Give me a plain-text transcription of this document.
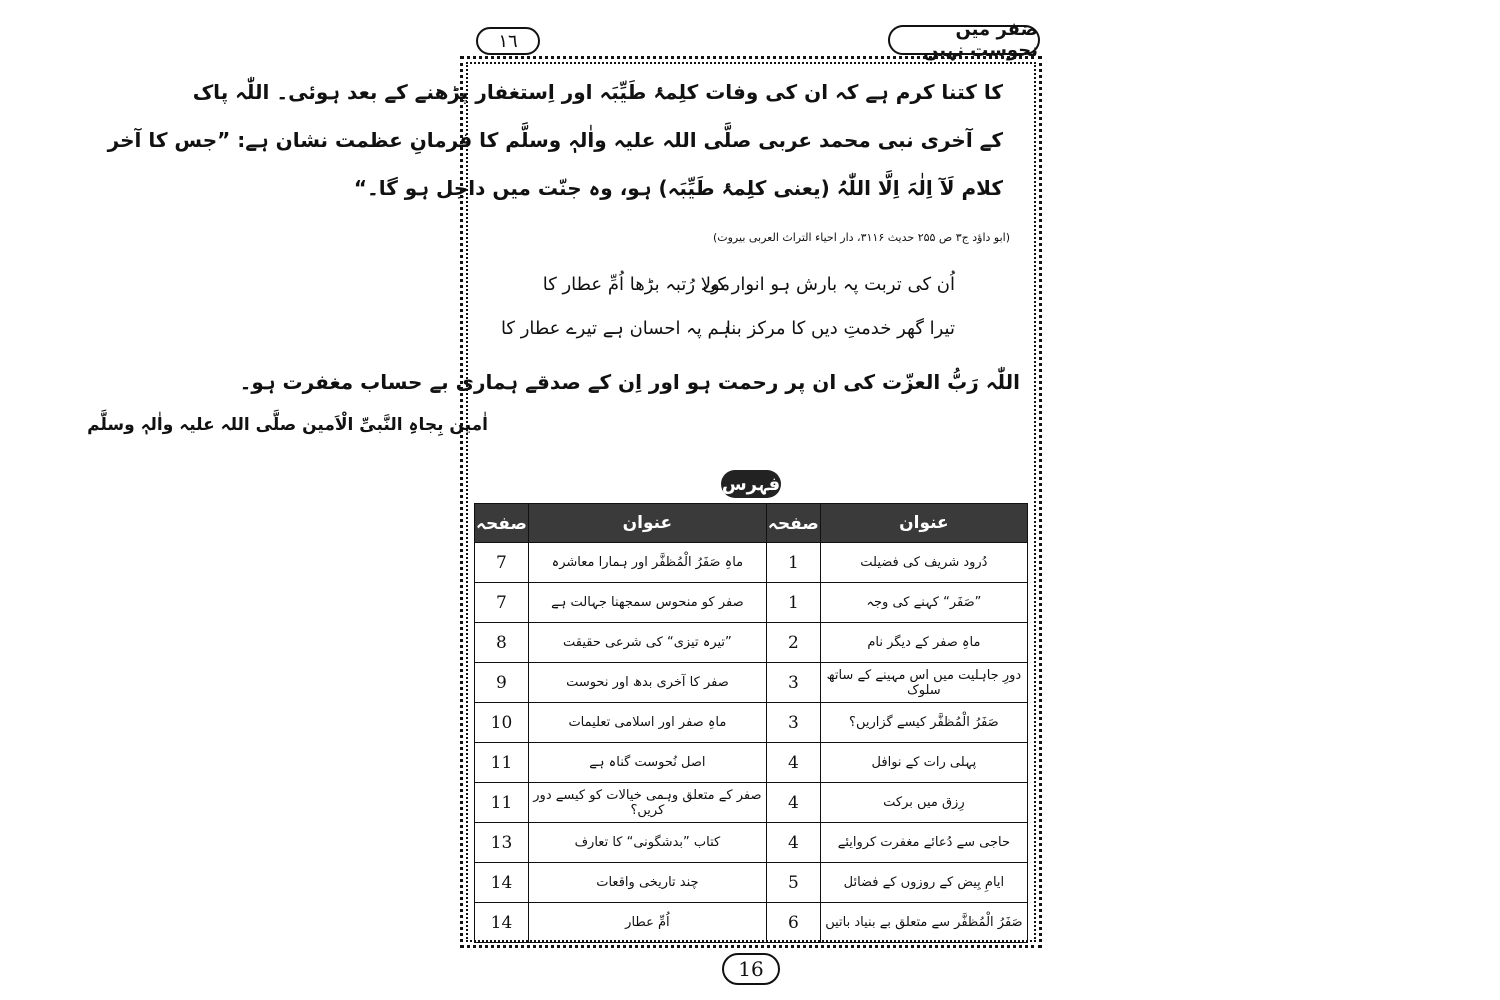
١٦
صَفر میں نحوست نہیں
کا کتنا کرم ہے کہ ان کی وفات کلِمۂ طَیِّبَہ اور اِستغفار پڑھنے کے بعد ہوئی۔ اللّٰہ پاک
کے آخری نبی محمد عربی صلَّی اللہ علیہ واٰلہٖ وسلَّم کا فرمانِ عظمت نشان ہے: ”جس کا آخر
کلام لَآ اِلٰہَ اِلَّا اللّٰہُ (یعنی کلِمۂ طَیِّبَہ) ہو، وہ جنّت میں داخِل ہو گا۔“
(ابو داؤد ج۳ ص ۲۵۵ حدیث ۳۱۱۶، دار احیاء التراث العربی بیروت)
اُن کی تربت پہ بارش ہو انوار کی
مولا رُتبہ بڑھا اُمِّ عطار کا
تیرا گھر خدمتِ دیں کا مرکز بنا
ہم پہ احسان ہے تیرے عطار کا
اللّٰہ رَبُّ العزّت کی ان پر رحمت ہو اور اِن کے صدقے ہماری بے حساب مغفرت ہو۔
اٰمین بِجاہِ النَّبیِّ الْاَمین صلَّی اللہ علیہ واٰلہٖ وسلَّم
فہرس
عنوان	صفحہ	عنوان	صفحہ
دُرود شریف کی فضیلت	1	ماہِ صَفَرُ الْمُظفَّر اور ہمارا معاشرہ	7
”صَفَر“ کہنے کی وجہ	1	صفر کو منحوس سمجھنا جہالت ہے	7
ماہِ صفر کے دیگر نام	2	”تیرہ تیزی“ کی شرعی حقیقت	8
دورِ جاہلیت میں اس مہینے کے ساتھ سلوک	3	صفر کا آخری بدھ اور نحوست	9
صَفَرُ الْمُظفَّر کیسے گزاریں؟	3	ماہِ صفر اور اسلامی تعلیمات	10
پہلی رات کے نوافل	4	اصل نُحوست گناہ ہے	11
رِزق میں برکت	4	صفر کے متعلق وہمی خیالات کو کیسے دور کریں؟	11
حاجی سے دُعائے مغفرت کروایئے	4	کتاب ”بدشگونی“ کا تعارف	13
ایامِ بِیض کے روزوں کے فضائل	5	چند تاریخی واقعات	14
صَفَرُ الْمُظفَّر سے متعلق بے بنیاد باتیں	6	اُمِّ عطار	14
16
